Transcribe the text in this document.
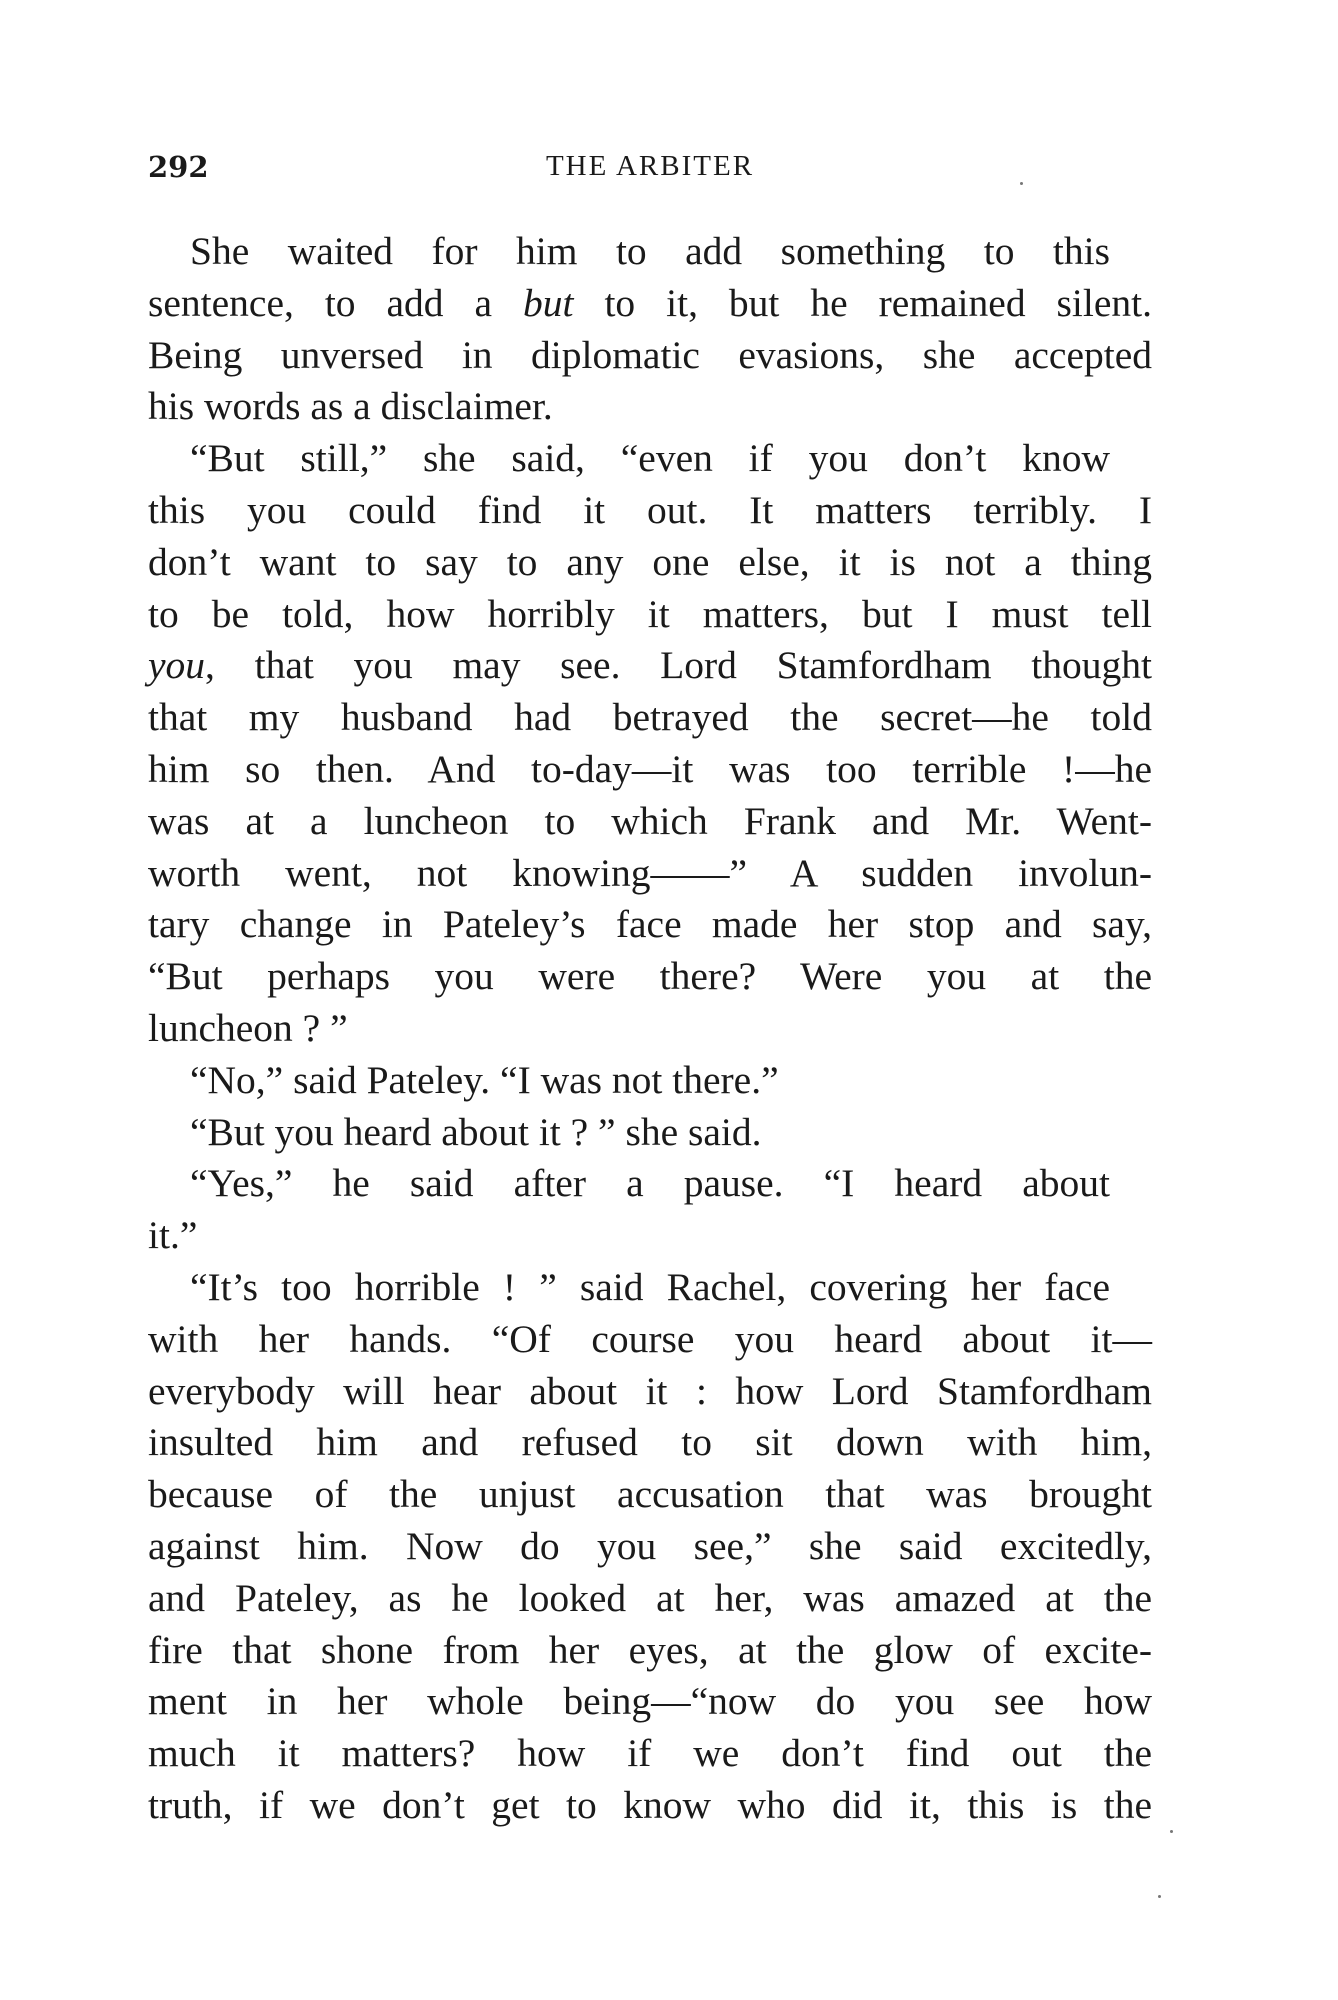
292	THE ARBITER
She waited for him to add something to this
sentence, to add a but to it, but he remained silent.
Being unversed in diplomatic evasions, she accepted
his words as a disclaimer.
“But still,” she said, “even if you don’t know
this you could find it out. It matters terribly. I
don’t want to say to any one else, it is not a thing
to be told, how horribly it matters, but I must tell
you, that you may see. Lord Stamfordham thought
that my husband had betrayed the secret—he told
him so then. And to-day—it was too terrible !—he
was at a luncheon to which Frank and Mr. Went-
worth went, not knowing——” A sudden involun-
tary change in Pateley’s face made her stop and say,
“But perhaps you were there? Were you at the
luncheon ? ”
“No,” said Pateley. “I was not there.”
“But you heard about it ? ” she said.
“Yes,” he said after a pause. “I heard about
it.”
“It’s too horrible ! ” said Rachel, covering her face
with her hands. “Of course you heard about it—
everybody will hear about it : how Lord Stamfordham
insulted him and refused to sit down with him,
because of the unjust accusation that was brought
against him. Now do you see,” she said excitedly,
and Pateley, as he looked at her, was amazed at the
fire that shone from her eyes, at the glow of excite-
ment in her whole being—“now do you see how
much it matters? how if we don’t find out the
truth, if we don’t get to know who did it, this is the
